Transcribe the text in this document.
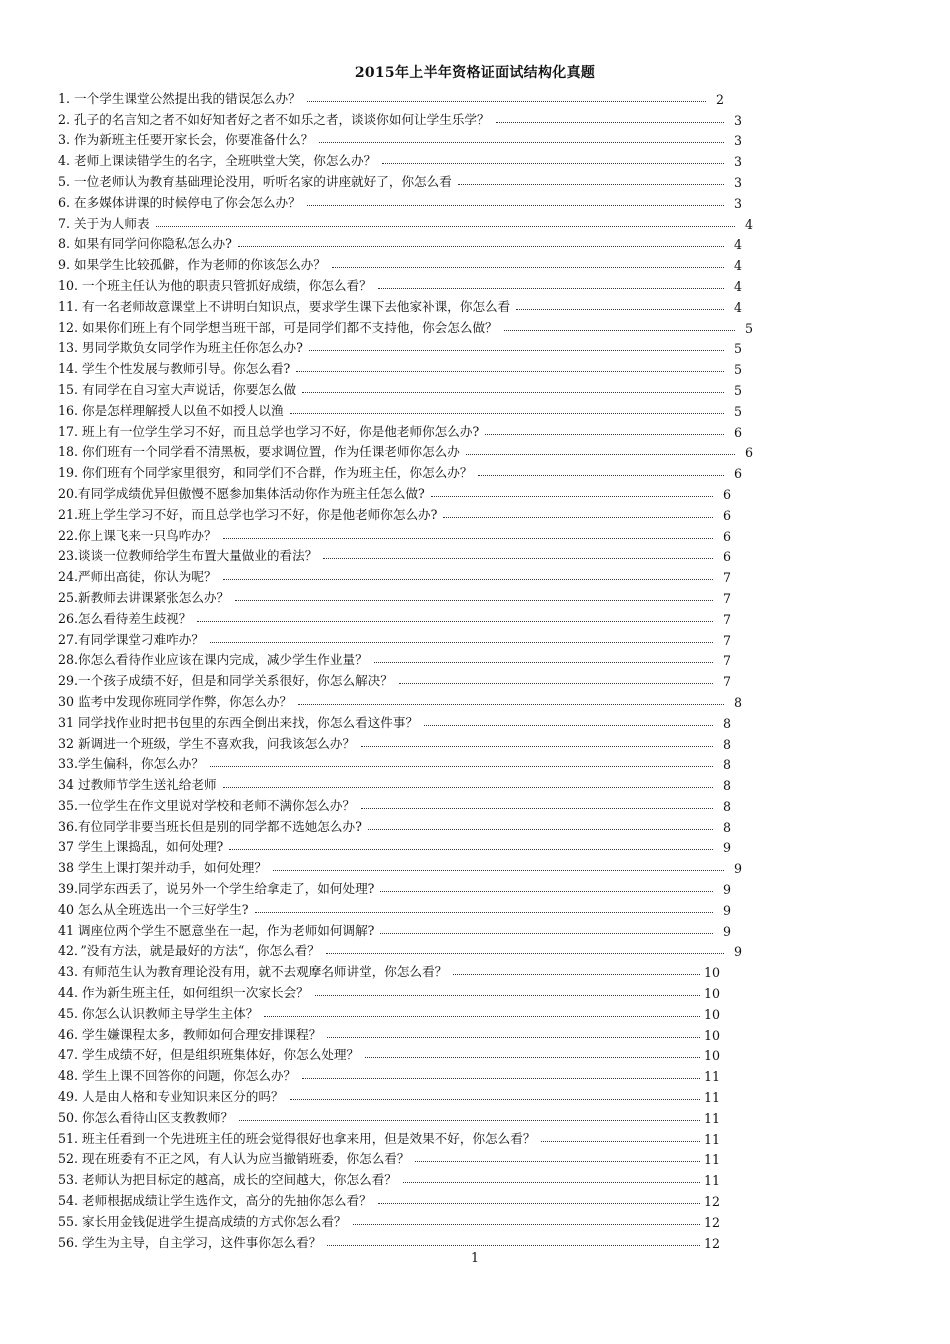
2015年上半年资格证面试结构化真题
1. 一个学生课堂公然提出我的错误怎么办？	2
2. 孔子的名言知之者不如好知者好之者不如乐之者，谈谈你如何让学生乐学？	3
3. 作为新班主任要开家长会，你要准备什么？	3
4. 老师上课读错学生的名字，全班哄堂大笑，你怎么办？	3
5. 一位老师认为教育基础理论没用，听听名家的讲座就好了，你怎么看	3
6. 在多媒体讲课的时候停电了你会怎么办？	3
7. 关于为人师表	4
8. 如果有同学问你隐私怎么办?	4
9. 如果学生比较孤僻，作为老师的你该怎么办？	4
10. 一个班主任认为他的职责只管抓好成绩，你怎么看？	4
11. 有一名老师故意课堂上不讲明白知识点，要求学生课下去他家补课，你怎么看	4
12. 如果你们班上有个同学想当班干部，可是同学们都不支持他，你会怎么做？	5
13. 男同学欺负女同学作为班主任你怎么办?	5
14. 学生个性发展与教师引导。你怎么看?	5
15. 有同学在自习室大声说话，你要怎么做	5
16. 你是怎样理解授人以鱼不如授人以渔	5
17. 班上有一位学生学习不好，而且总学也学习不好，你是他老师你怎么办?	6
18. 你们班有一个同学看不清黑板，要求调位置，作为任课老师你怎么办	6
19. 你们班有个同学家里很穷，和同学们不合群，作为班主任，你怎么办？	6
20.有同学成绩优异但傲慢不愿参加集体活动你作为班主任怎么做?	6
21.班上学生学习不好，而且总学也学习不好，你是他老师你怎么办?	6
22.你上课飞来一只鸟咋办？	6
23.谈谈一位教师给学生布置大量做业的看法？	6
24.严师出高徒，你认为呢？	7
25.新教师去讲课紧张怎么办？	7
26.怎么看待差生歧视？	7
27.有同学课堂刁难咋办？	7
28.你怎么看待作业应该在课内完成，减少学生作业量？	7
29.一个孩子成绩不好，但是和同学关系很好，你怎么解决？	7
30 监考中发现你班同学作弊，你怎么办？	8
31 同学找作业时把书包里的东西全倒出来找，你怎么看这件事？	8
32 新调进一个班级，学生不喜欢我，问我该怎么办？	8
33.学生偏科，你怎么办？	8
34 过教师节学生送礼给老师	8
35.一位学生在作文里说对学校和老师不满你怎么办？	8
36.有位同学非要当班长但是别的同学都不选她怎么办?	8
37 学生上课捣乱，如何处理?	9
38 学生上课打架并动手，如何处理？	9
39.同学东西丢了，说另外一个学生给拿走了，如何处理?	9
40 怎么从全班选出一个三好学生?	9
41 调座位两个学生不愿意坐在一起，作为老师如何调解?	9
42．”没有方法，就是最好的方法“，你怎么看？	9
43. 有师范生认为教育理论没有用，就不去观摩名师讲堂，你怎么看？	10
44. 作为新生班主任，如何组织一次家长会？	10
45. 你怎么认识教师主导学生主体？	10
46. 学生嫌课程太多，教师如何合理安排课程？	10
47. 学生成绩不好，但是组织班集体好，你怎么处理？	10
48. 学生上课不回答你的问题，你怎么办？	11
49. 人是由人格和专业知识来区分的吗？	11
50. 你怎么看待山区支教教师？	11
51. 班主任看到一个先进班主任的班会觉得很好也拿来用，但是效果不好，你怎么看？	11
52. 现在班委有不正之风，有人认为应当撤销班委，你怎么看？	11
53. 老师认为把目标定的越高，成长的空间越大，你怎么看？	11
54. 老师根据成绩让学生选作文，高分的先抽你怎么看？	12
55. 家长用金钱促进学生提高成绩的方式你怎么看？	12
56. 学生为主导，自主学习，这件事你怎么看？	12
1
